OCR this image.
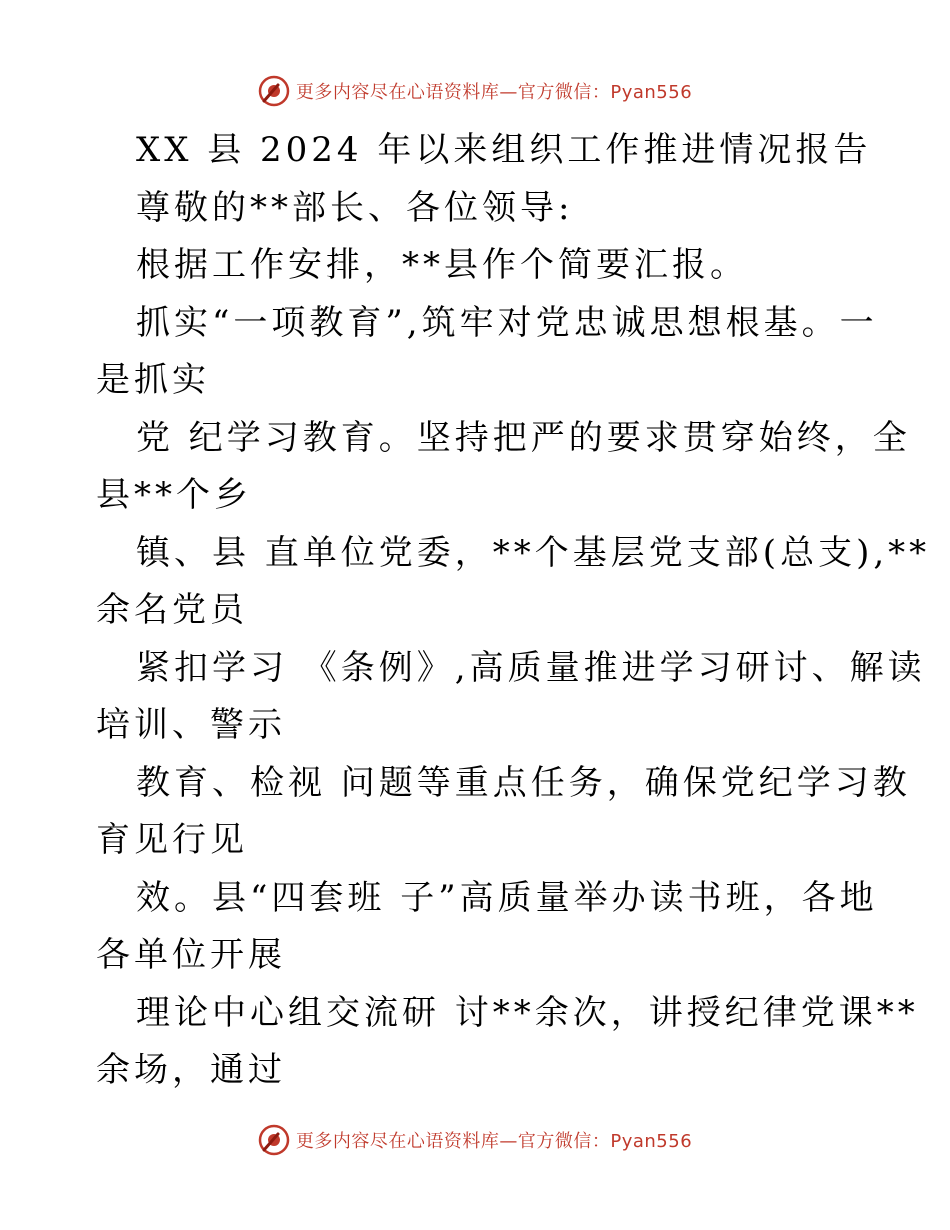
更多内容尽在心语资料库—官方微信：Pyan556
XX 县 2024 年以来组织工作推进情况报告
尊敬的**部长、各位领导:
根据工作安排，**县作个简要汇报。
抓实“一项教育”,筑牢对党忠诚思想根基。一
是抓实
党 纪学习教育。坚持把严的要求贯穿始终，全
县**个乡
镇、县 直单位党委，**个基层党支部(总支),**
余名党员
紧扣学习 《条例》,高质量推进学习研讨、解读
培训、警示
教育、检视 问题等重点任务，确保党纪学习教
育见行见
效。县“四套班 子”高质量举办读书班，各地
各单位开展
理论中心组交流研 讨**余次，讲授纪律党课**
余场，通过
更多内容尽在心语资料库—官方微信：Pyan556
